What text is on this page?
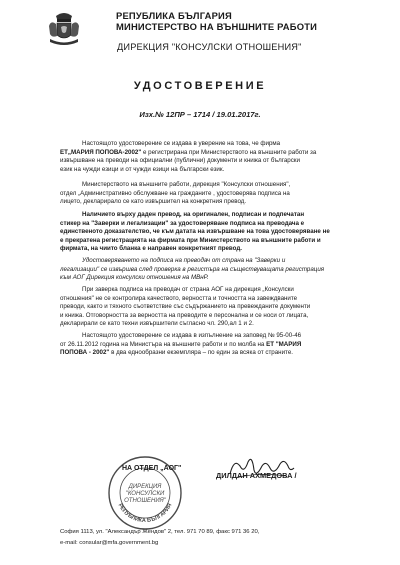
РЕПУБЛИКА БЪЛГАРИЯ
МИНИСТЕРСТВО НА ВЪНШНИТЕ РАБОТИ
ДИРЕКЦИЯ "КОНСУЛСКИ ОТНОШЕНИЯ"
УДОСТОВЕРЕНИЕ
Изх.№ 12ПР – 1714 / 19.01.2017г.
Настоящото удостоверение се издава в уверение на това, че фирма
ЕТ„МАРИЯ ПОПОВА-2002" е регистрирана при Министерството на външните работи за
извършване на преводи на официални (публични) документи и книжа от български
език на чужди езици и от чужди езици на български език.
Министерството на външните работи, дирекция "Консулски отношения",
отдел „Административно обслужване на гражданите , удостоверява подписа на
лицето, декларирало се като извършител на конкретния превод.
Наличието върху даден превод, на оригинален, подписан и подпечатан
стикер на "Заверки и легализации" за удостоверяване подписа на преводача е
единственото доказателство, че към датата на извършване на това удостоверяване не
е прекратена регистрацията на фирмата при Министерството на външните работи и
фирмата, на чиито бланка е направен конкретният превод.
Удостоверяването на подписа на преводач от страна на "Заверки и
легализации" се извършва след проверка в регистъра на съществуващата регистрация
към АОГ Дирекция консулски отношения на МВнР.
При заверка подписа на преводач от страна АОГ на дирекция „Консулски
отношения" не се контролира качеството, верността и точността на завеждваните
преводи, както и тяхното съответствие със съдържанието на превежданите документи
и книжа. Отговорността за верността на преводите е персонална и се носи от лицата,
декларирали се като техни извършители съгласно чл. 290,ал 1 и 2.
Настоящото удостоверение се издава в изпълнение на заповед № 95-00-46
от 26.11.2012 година на Министъра на външните работи и по молба на ЕТ "МАРИЯ
ПОПОВА - 2002" в два еднообразни екземпляра – по един за всяка от страните.
РЕПУБЛИКА БЪЛГАРИЯ
ДИРЕКЦИЯ
"КОНСУЛСКИ
ОТНОШЕНИЯ"
НА ОТДЕЛ „АОГ"
ДИЛДАН АХМЕДОВА /
София 1113, ул. "Александър Жендов" 2, тел. 971 70 89, факс 971 36 20,
e-mail: consular@mfa.government.bg
